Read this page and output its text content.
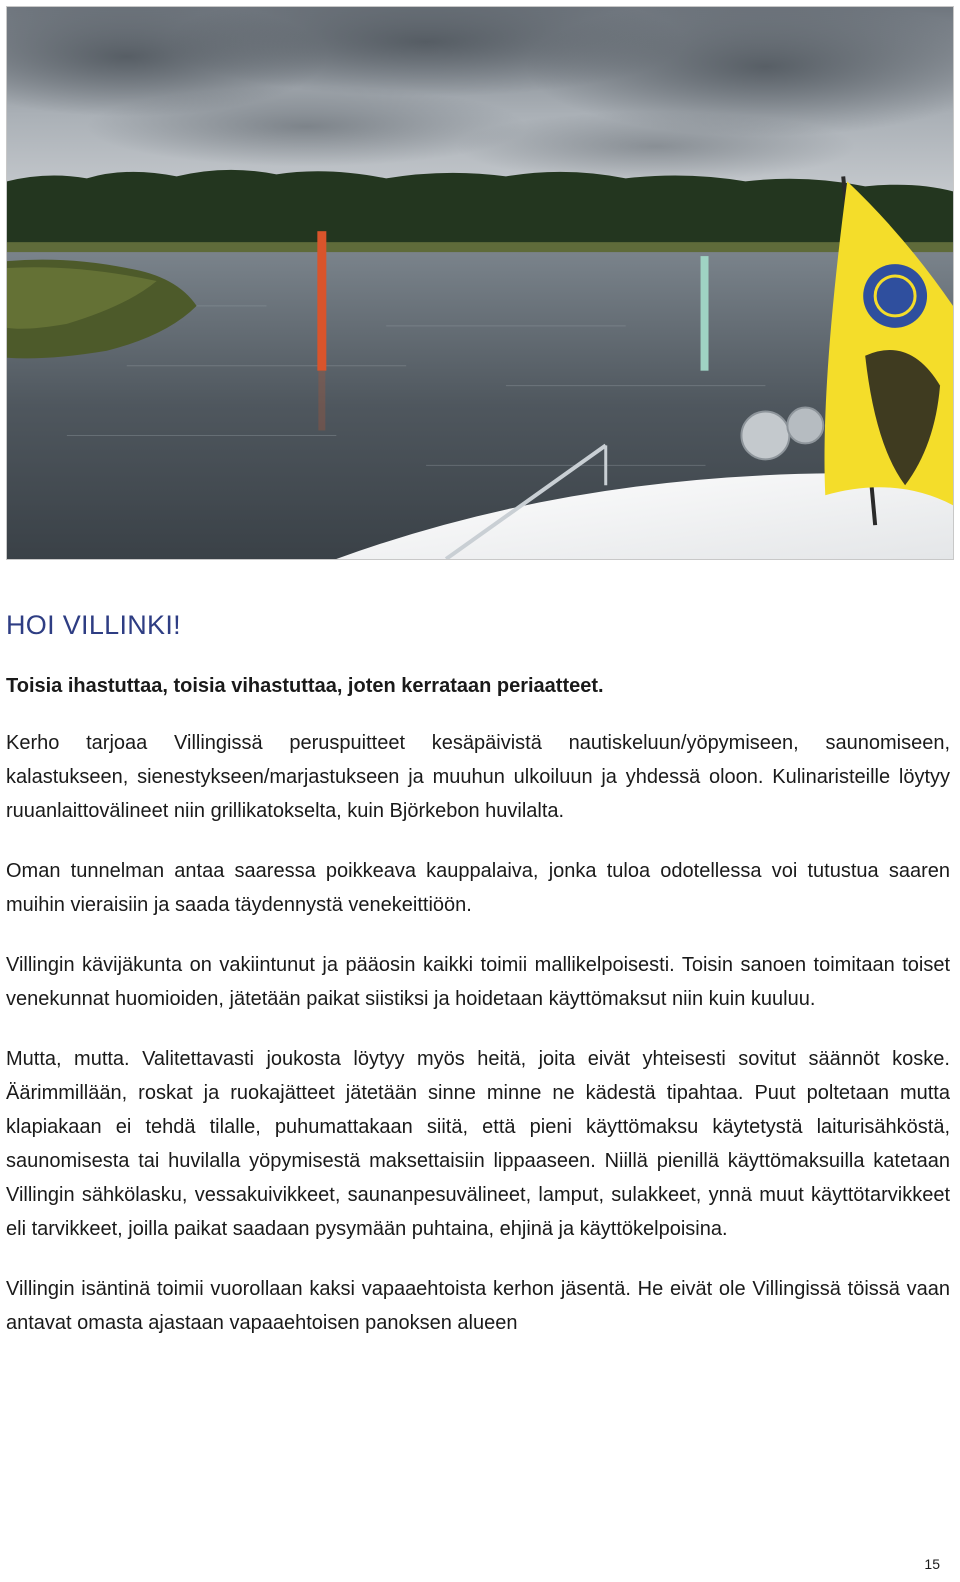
HOI VILLINKI!

Toisia ihastuttaa, toisia vihastuttaa, joten kerrataan periaatteet.

Kerho tarjoaa Villingissä peruspuitteet kesäpäivistä nautiskeluun/yöpymiseen, saunomiseen, kalastukseen, sienestykseen/marjastukseen ja muuhun ulkoiluun ja yhdessä oloon. Kulinaristeille löytyy ruuanlaittovälineet niin grillikatokselta, kuin Björkebon huvilalta.

Oman tunnelman antaa saaressa poikkeava kauppalaiva, jonka tuloa odotellessa voi tutustua saaren muihin vieraisiin ja saada täydennystä venekeittiöön.

Villingin kävijäkunta on vakiintunut ja pääosin kaikki toimii mallikelpoisesti. Toisin sanoen toimitaan toiset venekunnat huomioiden, jätetään paikat siistiksi ja hoidetaan käyttömaksut niin kuin kuuluu.

Mutta, mutta. Valitettavasti joukosta löytyy myös heitä, joita eivät yhteisesti sovitut säännöt koske. Äärimmillään, roskat ja ruokajätteet jätetään sinne minne ne kädestä tipahtaa. Puut poltetaan mutta klapiakaan ei tehdä tilalle, puhumattakaan siitä, että pieni käyttömaksu käytetystä laiturisähköstä, saunomisesta tai huvilalla yöpymisestä maksettaisiin lippaaseen. Niillä pienillä käyttömaksuilla katetaan Villingin sähkölasku, vessakuivikkeet, saunanpesuvälineet, lamput, sulakkeet, ynnä muut käyttötarvikkeet eli tarvikkeet, joilla paikat saadaan pysymään puhtaina, ehjinä ja käyttökelpoisina.

Villingin isäntinä toimii vuorollaan kaksi vapaaehtoista kerhon jäsentä. He eivät ole Villingissä töissä vaan antavat omasta ajastaan vapaaehtoisen panoksen alueen

15
